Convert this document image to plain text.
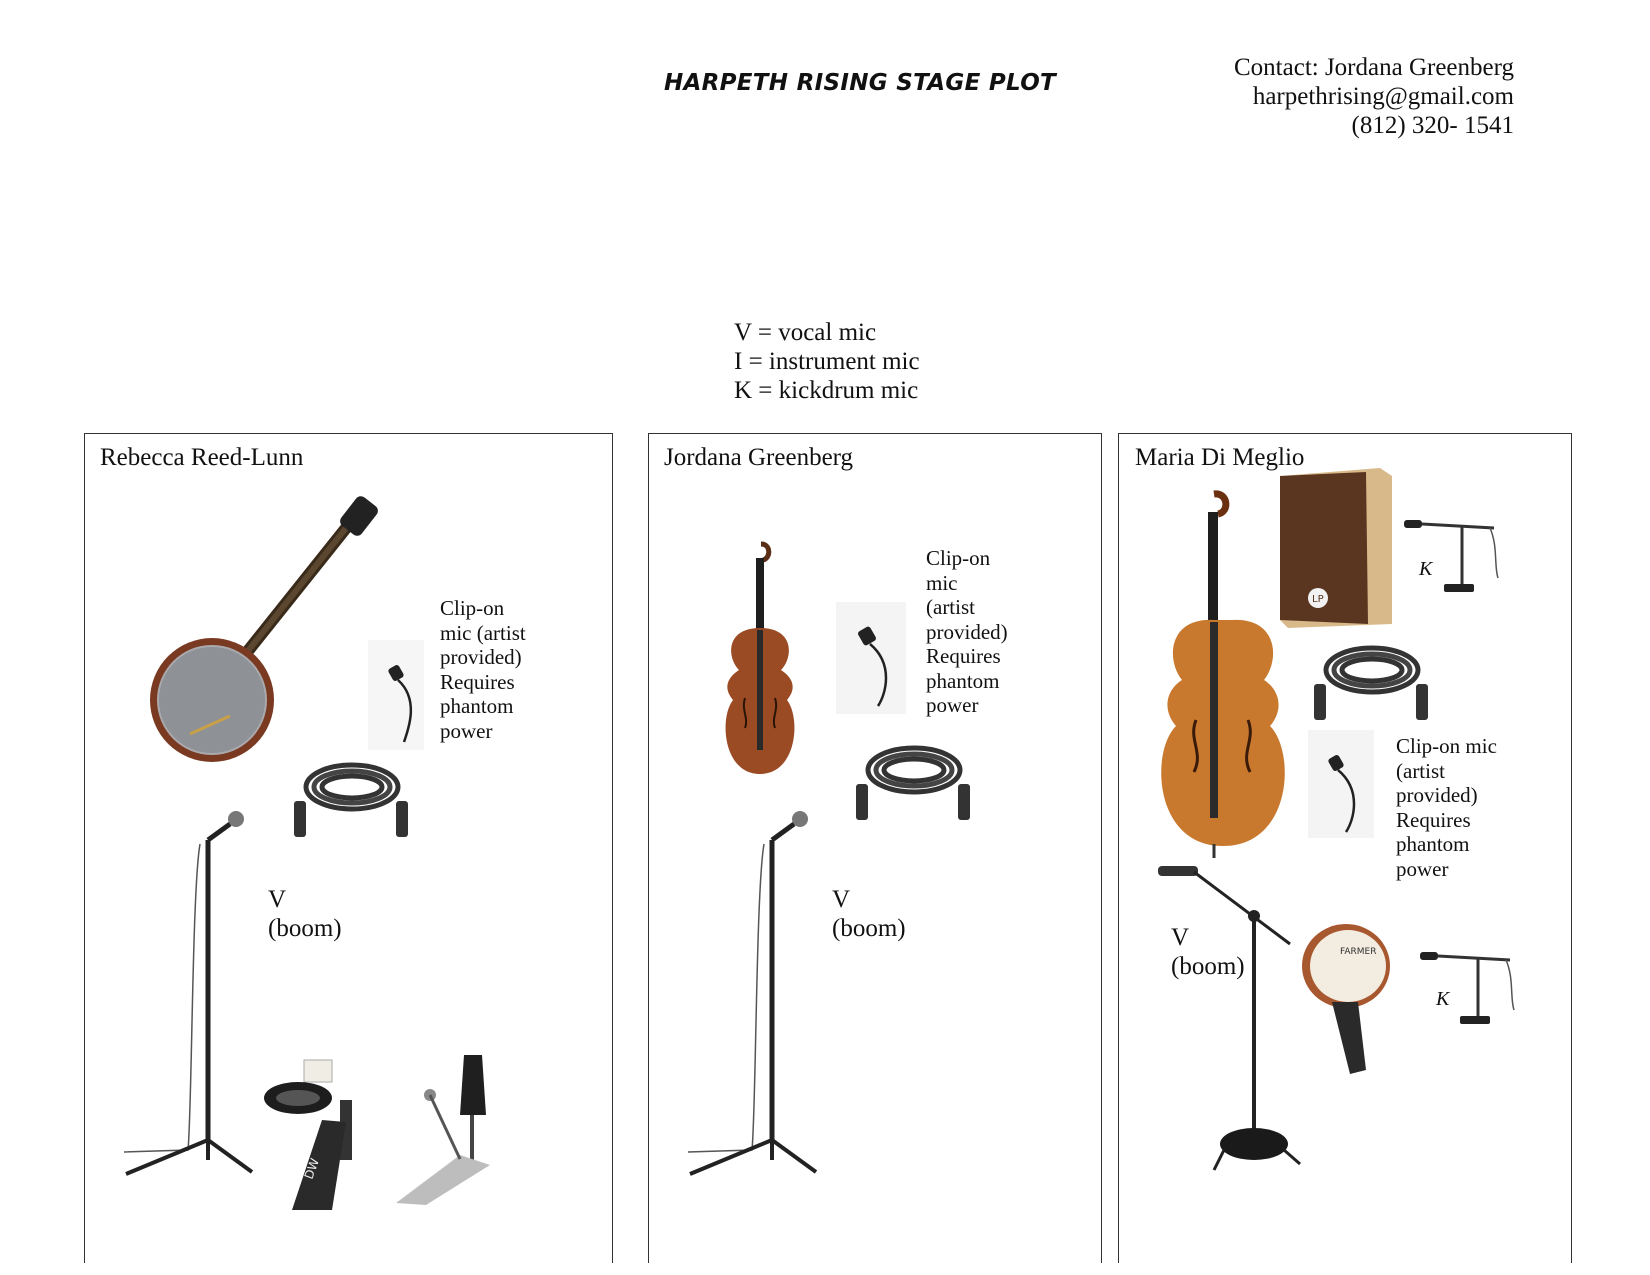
HARPETH RISING STAGE PLOT
Contact: Jordana Greenberg
harpethrising@gmail.com
(812) 320- 1541
V = vocal mic
I = instrument mic
K = kickdrum mic
Rebecca Reed-Lunn
Clip-on
mic (artist
provided)
Requires
phantom
power
V
(boom)
DW
Jordana Greenberg
Clip-on
mic
(artist
provided)
Requires
phantom
power
V
(boom)
Maria Di Meglio
LP
K
Clip-on mic
(artist
provided)
Requires
phantom
power
V
(boom)
FARMER
K
